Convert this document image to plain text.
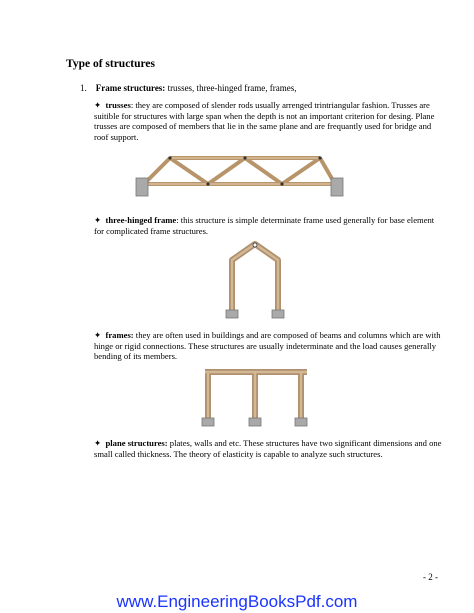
Type of structures
1. Frame structures: trusses, three-hinged frame, frames,
✦ trusses: they are composed of slender rods usually arrenged trintriangular fashion. Trusses are suitible for structures with large span when the depth is not an important criterion for desing. Plane trusses are composed of members that lie in the same plane and are frequantly used for bridge and roof support.
✦ three-hinged frame: this structure is simple determinate frame used generally for base element for complicated frame structures.
✦ frames: they are often used in buildings and are composed of beams and columns which are with hinge or rigid connections. These structures are usually indeterminate and the load causes generally bending of its members.
✦ plane structures: plates, walls and etc. These structures have two significant dimensions and one small called thickness. The theory of elasticity is capable to analyze such structures.
- 2 -
www.EngineeringBooksPdf.com
